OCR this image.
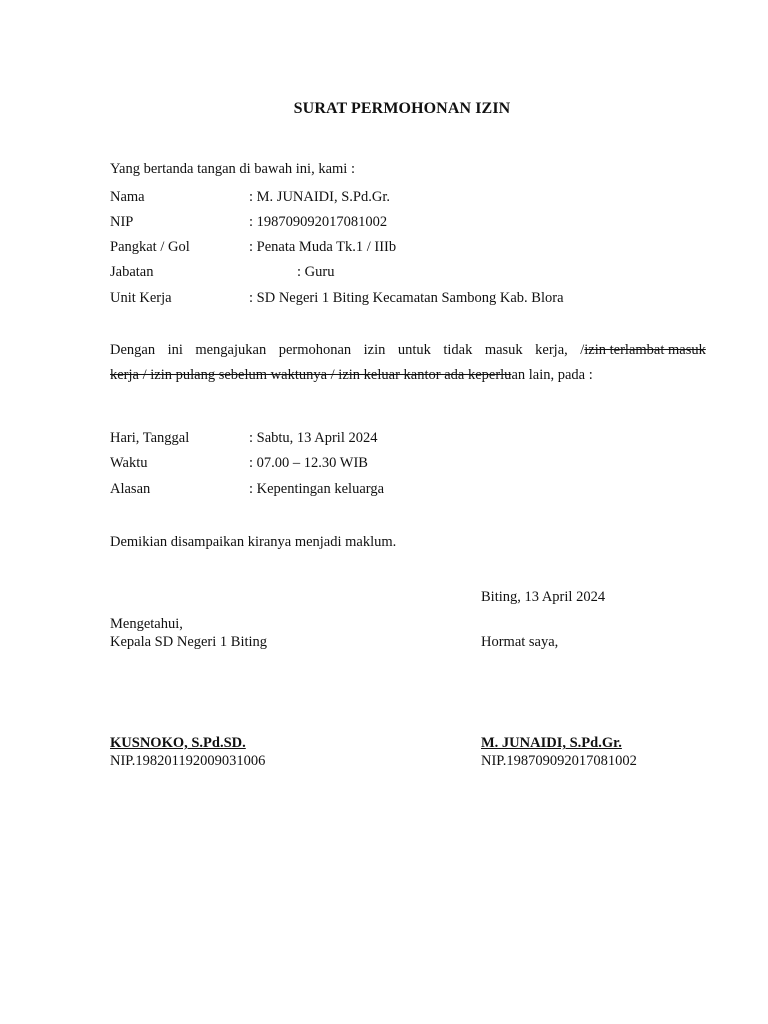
SURAT PERMOHONAN IZIN
Yang bertanda tangan di bawah ini, kami :
Nama	: M. JUNAIDI, S.Pd.Gr.
NIP	: 198709092017081002
Pangkat / Gol	: Penata Muda Tk.1 / IIIb
Jabatan	: Guru
Unit Kerja	: SD Negeri 1 Biting Kecamatan Sambong Kab. Blora
Dengan ini mengajukan permohonan izin untuk tidak masuk kerja, /izin terlambat masuk
kerja / izin pulang sebelum waktunya / izin keluar kantor ada keperluan lain, pada :
Hari, Tanggal	: Sabtu, 13 April 2024
Waktu	: 07.00 – 12.30 WIB
Alasan	: Kepentingan keluarga
Demikian disampaikan kiranya menjadi maklum.
Biting, 13 April 2024
Mengetahui,
Kepala SD Negeri 1 Biting	Hormat saya,
KUSNOKO, S.Pd.SD.
NIP.198201192009031006
M. JUNAIDI, S.Pd.Gr.
NIP.198709092017081002
